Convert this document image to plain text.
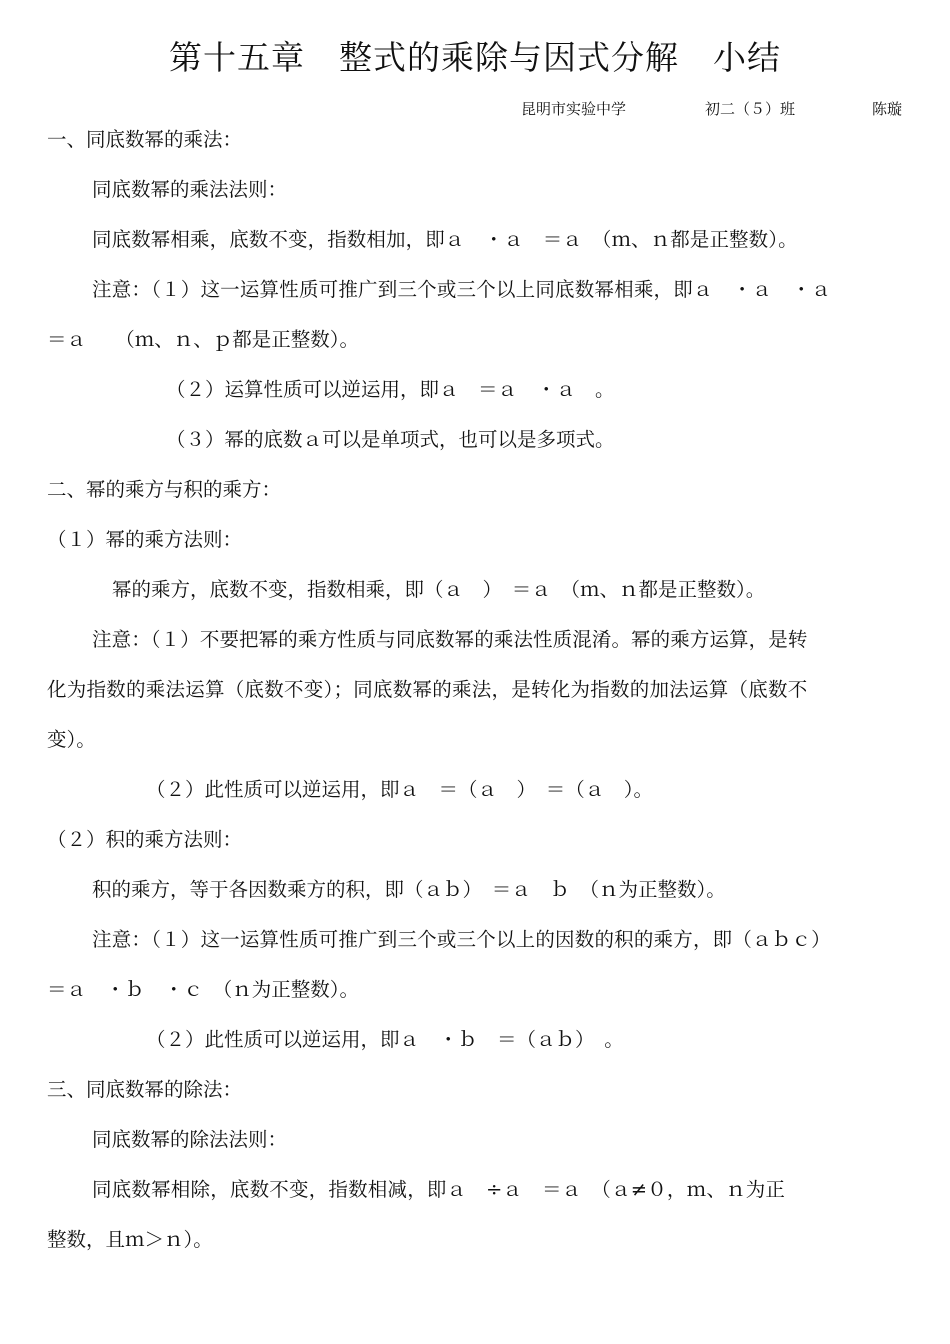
第十五章　整式的乘除与因式分解　小结
昆明市实验中学	初二（５）班	陈璇
一、同底数幂的乘法：
同底数幂的乘法法则：
同底数幂相乘，底数不变，指数相加，即ａ　・ａ　＝ａ　（ｍ、ｎ都是正整数）。
注意：（１）这一运算性质可推广到三个或三个以上同底数幂相乘，即ａ　・ａ　・ａ
＝ａ　　（ｍ、ｎ、ｐ都是正整数）。
（２）运算性质可以逆运用，即ａ　＝ａ　・ａ　。
（３）幂的底数ａ可以是单项式，也可以是多项式。
二、幂的乘方与积的乘方：
（１）幂的乘方法则：
幂的乘方，底数不变，指数相乘，即（ａ　）　＝ａ　（ｍ、ｎ都是正整数）。
注意：（１）不要把幂的乘方性质与同底数幂的乘法性质混淆。幂的乘方运算，是转
化为指数的乘法运算（底数不变）；同底数幂的乘法，是转化为指数的加法运算（底数不
变）。
（２）此性质可以逆运用，即ａ　＝（ａ　）　＝（ａ　）。
（２）积的乘方法则：
积的乘方，等于各因数乘方的积，即（ａｂ）　＝ａ　ｂ　（ｎ为正整数）。
注意：（１）这一运算性质可推广到三个或三个以上的因数的积的乘方，即（ａｂｃ）
＝ａ　・ｂ　・ｃ　（ｎ为正整数）。
（２）此性质可以逆运用，即ａ　・ｂ　＝（ａｂ）　。
三、同底数幂的除法：
同底数幂的除法法则：
同底数幂相除，底数不变，指数相减，即ａ　÷ａ　＝ａ　（ａ≠０，ｍ、ｎ为正
整数，且ｍ＞ｎ）。
